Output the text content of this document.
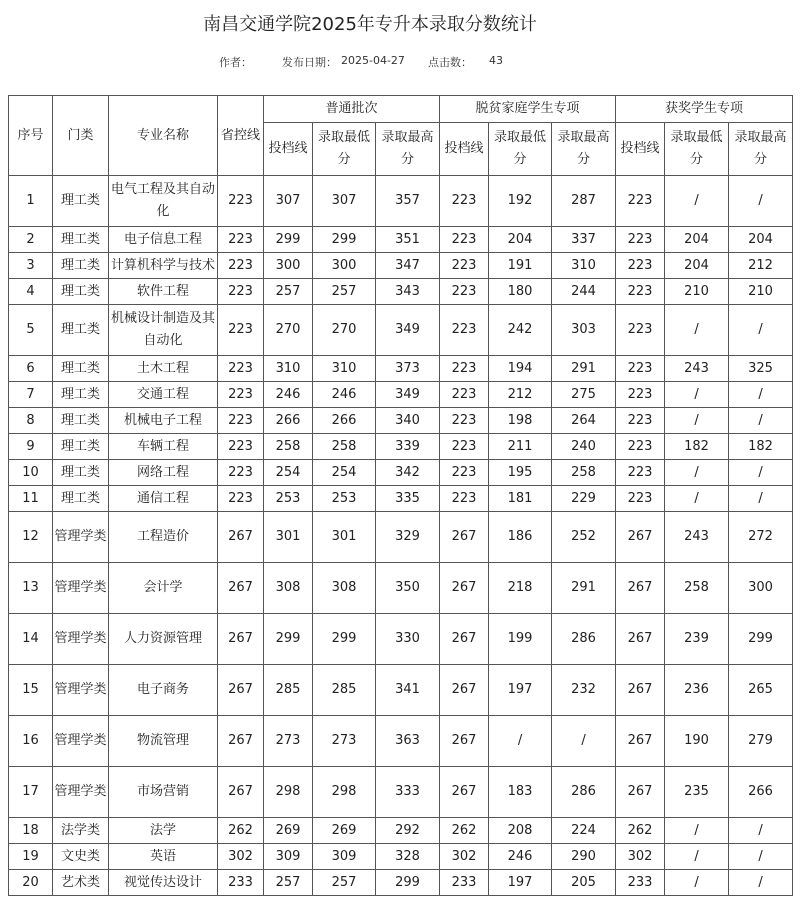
南昌交通学院2025年专升本录取分数统计
作者：	发布日期： 2025-04-27 点击数： 43
序号	门类	专业名称	省控线	普通批次			脱贫家庭学生专项			获奖学生专项		
				投档线	录取最低分	录取最高分	投档线	录取最低分	录取最高分	投档线	录取最低分	录取最高分
1	理工类	电气工程及其自动化	223	307	307	357	223	192	287	223	/	/
2	理工类	电子信息工程	223	299	299	351	223	204	337	223	204	204
3	理工类	计算机科学与技术	223	300	300	347	223	191	310	223	204	212
4	理工类	软件工程	223	257	257	343	223	180	244	223	210	210
5	理工类	机械设计制造及其自动化	223	270	270	349	223	242	303	223	/	/
6	理工类	土木工程	223	310	310	373	223	194	291	223	243	325
7	理工类	交通工程	223	246	246	349	223	212	275	223	/	/
8	理工类	机械电子工程	223	266	266	340	223	198	264	223	/	/
9	理工类	车辆工程	223	258	258	339	223	211	240	223	182	182
10	理工类	网络工程	223	254	254	342	223	195	258	223	/	/
11	理工类	通信工程	223	253	253	335	223	181	229	223	/	/
12	管理学类	工程造价	267	301	301	329	267	186	252	267	243	272
13	管理学类	会计学	267	308	308	350	267	218	291	267	258	300
14	管理学类	人力资源管理	267	299	299	330	267	199	286	267	239	299
15	管理学类	电子商务	267	285	285	341	267	197	232	267	236	265
16	管理学类	物流管理	267	273	273	363	267	/	/	267	190	279
17	管理学类	市场营销	267	298	298	333	267	183	286	267	235	266
18	法学类	法学	262	269	269	292	262	208	224	262	/	/
19	文史类	英语	302	309	309	328	302	246	290	302	/	/
20	艺术类	视觉传达设计	233	257	257	299	233	197	205	233	/	/
